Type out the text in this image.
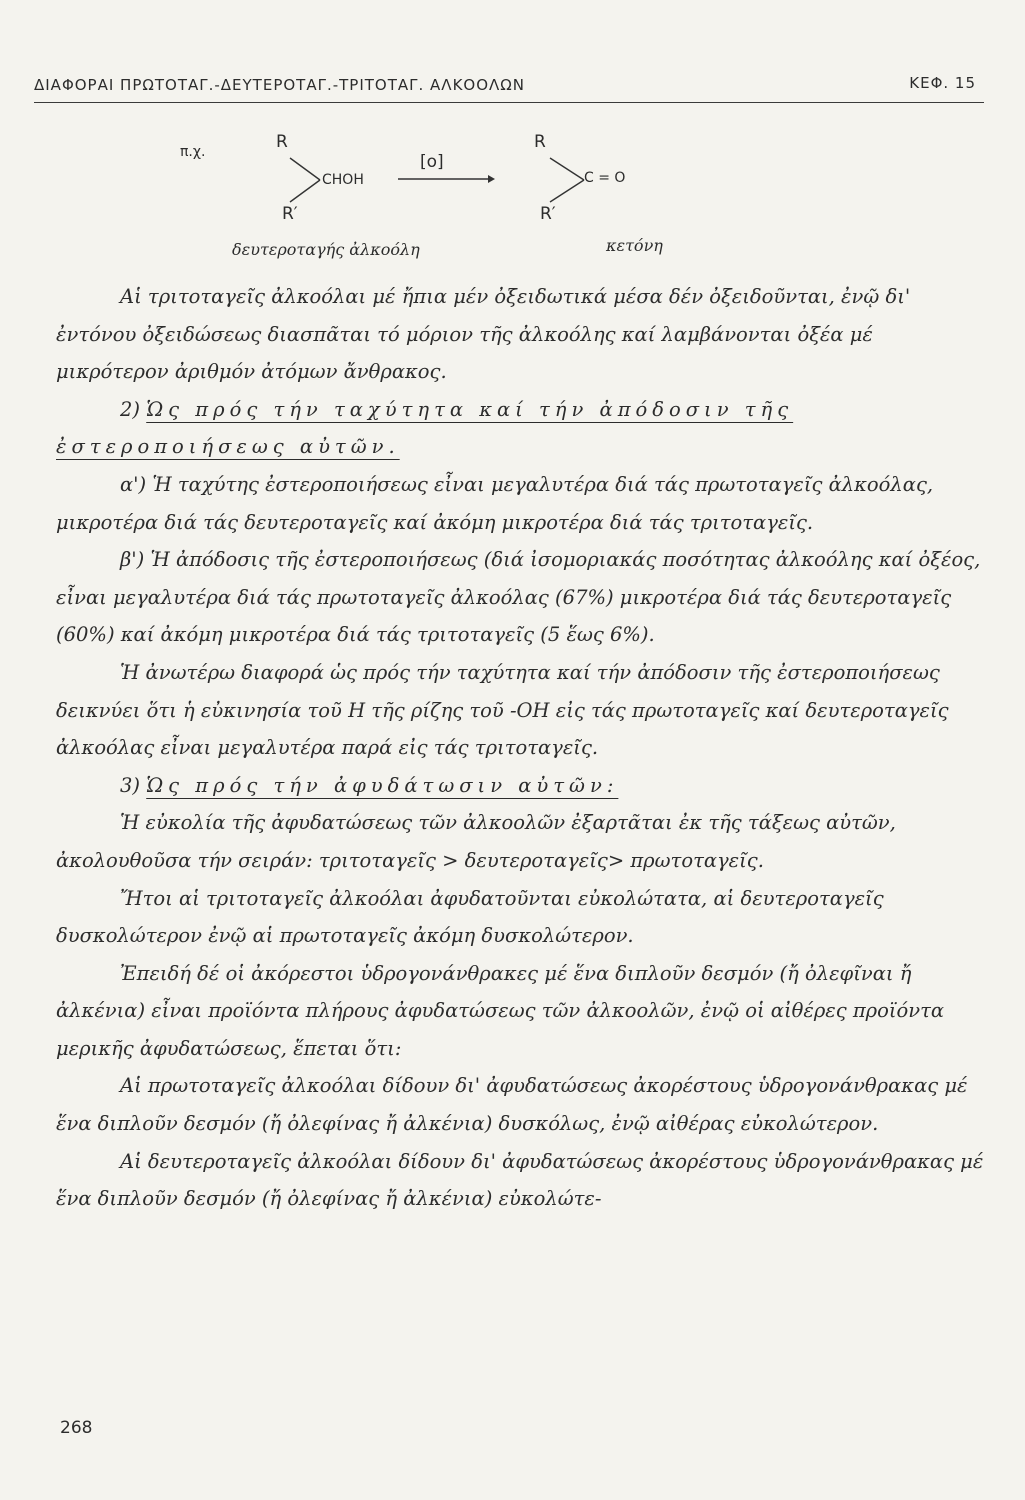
ΔΙΑΦΟΡΑΙ ΠΡΩΤΟΤΑΓ.-ΔΕΥΤΕΡΟΤΑΓ.-ΤΡΙΤΟΤΑΓ. ΑΛΚΟΟΛΩΝ	ΚΕΦ. 15
π.χ.	R
R′
CHOH
[o]
R
R′
C = O
δευτεροταγής ἀλκοόλη	κετόνη

Αἱ τριτοταγεῖς ἀλκοόλαι μέ ἤπια μέν ὀξειδωτικά μέσα δέν ὀξειδοῦνται, ἐνῷ δι' ἐντόνου ὀξειδώσεως διασπᾶται τό μόριον τῆς ἀλκοόλης καί λαμβάνονται ὀξέα μέ μικρότερον ἀριθμόν ἀτόμων ἄνθρακος.

2) Ὡς πρός τήν ταχύτητα καί τήν ἀπόδοσιν τῆς ἐστεροποιήσεως αὐτῶν.

α') Ἡ ταχύτης ἐστεροποιήσεως εἶναι μεγαλυτέρα διά τάς πρωτοταγεῖς ἀλκοόλας, μικροτέρα διά τάς δευτεροταγεῖς καί ἀκόμη μικροτέρα διά τάς τριτοταγεῖς.

β') Ἡ ἀπόδοσις τῆς ἐστεροποιήσεως (διά ἰσομοριακάς ποσότητας ἀλκοόλης καί ὀξέος, εἶναι μεγαλυτέρα διά τάς πρωτοταγεῖς ἀλκοόλας (67%) μικροτέρα διά τάς δευτεροταγεῖς (60%) καί ἀκόμη μικροτέρα διά τάς τριτοταγεῖς (5 ἕως 6%).

Ἡ ἀνωτέρω διαφορά ὡς πρός τήν ταχύτητα καί τήν ἀπόδοσιν τῆς ἐστεροποιήσεως δεικνύει ὅτι ἡ εὐκινησία τοῦ Η τῆς ρίζης τοῦ -ΟΗ εἰς τάς πρωτοταγεῖς καί δευτεροταγεῖς ἀλκοόλας εἶναι μεγαλυτέρα παρά εἰς τάς τριτοταγεῖς.

3) Ὡς πρός τήν ἀφυδάτωσιν αὐτῶν:

Ἡ εὐκολία τῆς ἀφυδατώσεως τῶν ἀλκοολῶν ἐξαρτᾶται ἐκ τῆς τάξεως αὐτῶν, ἀκολουθοῦσα τήν σειράν: τριτοταγεῖς > δευτεροταγεῖς> πρωτοταγεῖς.

Ἤτοι αἱ τριτοταγεῖς ἀλκοόλαι ἀφυδατοῦνται εὐκολώτατα, αἱ δευτεροταγεῖς δυσκολώτερον ἐνῷ αἱ πρωτοταγεῖς ἀκόμη δυσκολώτερον.

Ἐπειδή δέ οἱ ἀκόρεστοι ὑδρογονάνθρακες μέ ἕνα διπλοῦν δεσμόν (ἤ ὀλεφῖναι ἤ ἀλκένια) εἶναι προϊόντα πλήρους ἀφυδατώσεως τῶν ἀλκοολῶν, ἐνῷ οἱ αἰθέρες προϊόντα μερικῆς ἀφυδατώσεως, ἕπεται ὅτι:

Αἱ πρωτοταγεῖς ἀλκοόλαι δίδουν δι' ἀφυδατώσεως ἀκορέστους ὑδρογονάνθρακας μέ ἕνα διπλοῦν δεσμόν (ἤ ὀλεφίνας ἤ ἀλκένια) δυσκόλως, ἐνῷ αἰθέρας εὐκολώτερον.

Αἱ δευτεροταγεῖς ἀλκοόλαι δίδουν δι' ἀφυδατώσεως ἀκορέστους ὑδρογονάνθρακας μέ ἕνα διπλοῦν δεσμόν (ἤ ὀλεφίνας ἤ ἀλκένια) εὐκολώτε-

268
